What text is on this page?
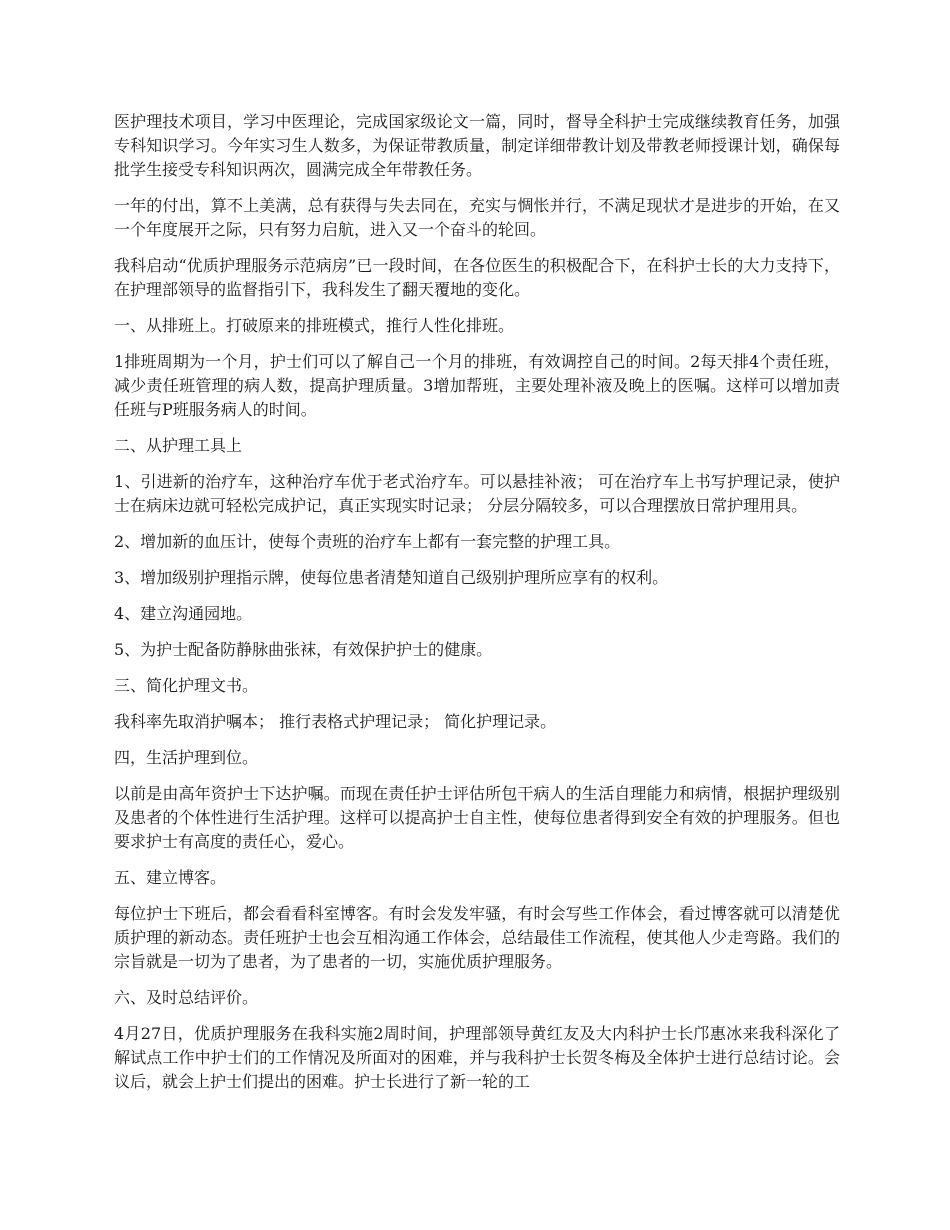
医护理技术项目，学习中医理论，完成国家级论文一篇，同时，督导全科护士完成继续教育任务，加强专科知识学习。今年实习生人数多，为保证带教质量，制定详细带教计划及带教老师授课计划，确保每批学生接受专科知识两次，圆满完成全年带教任务。

一年的付出，算不上美满，总有获得与失去同在，充实与惆怅并行，不满足现状才是进步的开始，在又一个年度展开之际，只有努力启航，进入又一个奋斗的轮回。

我科启动“优质护理服务示范病房”已一段时间，在各位医生的积极配合下，在科护士长的大力支持下，在护理部领导的监督指引下，我科发生了翻天覆地的变化。

一、从排班上。打破原来的排班模式，推行人性化排班。

1排班周期为一个月，护士们可以了解自己一个月的排班，有效调控自己的时间。2每天排4个责任班，减少责任班管理的病人数，提高护理质量。3增加帮班，主要处理补液及晚上的医嘱。这样可以增加责任班与P班服务病人的时间。

二、从护理工具上

1、引进新的治疗车，这种治疗车优于老式治疗车。可以悬挂补液； 可在治疗车上书写护理记录，使护士在病床边就可轻松完成护记，真正实现实时记录； 分层分隔较多，可以合理摆放日常护理用具。

2、增加新的血压计，使每个责班的治疗车上都有一套完整的护理工具。

3、增加级别护理指示牌，使每位患者清楚知道自己级别护理所应享有的权利。

4、建立沟通园地。

5、为护士配备防静脉曲张袜，有效保护护士的健康。

三、简化护理文书。

我科率先取消护嘱本； 推行表格式护理记录； 简化护理记录。

四，生活护理到位。

以前是由高年资护士下达护嘱。而现在责任护士评估所包干病人的生活自理能力和病情，根据护理级别及患者的个体性进行生活护理。这样可以提高护士自主性，使每位患者得到安全有效的护理服务。但也要求护士有高度的责任心，爱心。

五、建立博客。

每位护士下班后，都会看看科室博客。有时会发发牢骚，有时会写些工作体会，看过博客就可以清楚优质护理的新动态。责任班护士也会互相沟通工作体会，总结最佳工作流程，使其他人少走弯路。我们的宗旨就是一切为了患者，为了患者的一切，实施优质护理服务。

六、及时总结评价。

4月27日，优质护理服务在我科实施2周时间，护理部领导黄红友及大内科护士长邝惠冰来我科深化了解试点工作中护士们的工作情况及所面对的困难，并与我科护士长贺冬梅及全体护士进行总结讨论。会议后，就会上护士们提出的困难。护士长进行了新一轮的工
